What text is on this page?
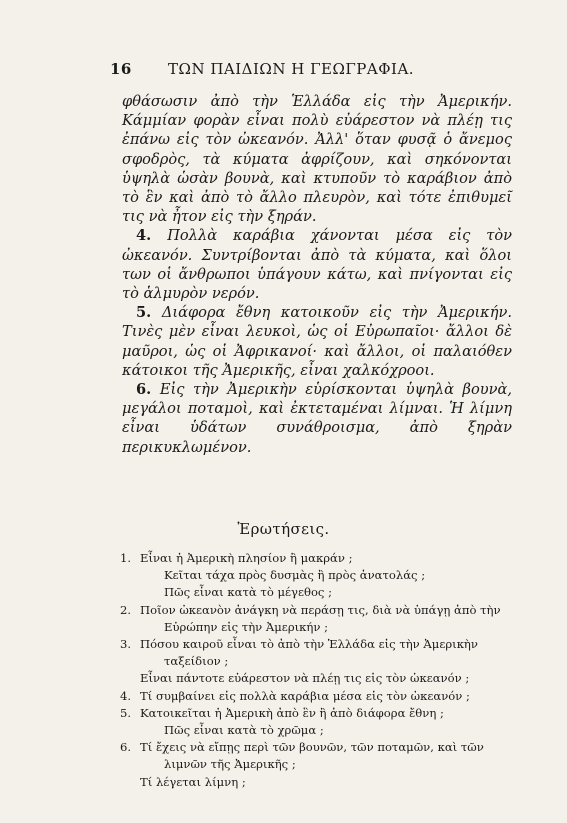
16 ΤΩΝ ΠΑΙΔΙΩΝ Η ΓΕΩΓΡΑΦΙΑ.

φθάσωσιν ἀπὸ τὴν Ἑλλάδα εἰς τὴν Ἀμερικήν. Κάμμίαν φορὰν εἶναι πολὺ εὐάρεστον νὰ πλέῃ τις ἐπάνω εἰς τὸν ὠκεανόν. Ἀλλ' ὅταν φυσᾷ ὁ ἄνεμος σφοδρὸς, τὰ κύματα ἀφρίζουν, καὶ σηκόνονται ὑψηλὰ ὡσὰν βουνὰ, καὶ κτυποῦν τὸ καράβιον ἀπὸ τὸ ἓν καὶ ἀπὸ τὸ ἄλλο πλευρὸν, καὶ τότε ἐπιθυμεῖ τις νὰ ἦτον εἰς τὴν ξηράν.

4. Πολλὰ καράβια χάνονται μέσα εἰς τὸν ὠκεανόν. Συντρίβονται ἀπὸ τὰ κύματα, καὶ ὅλοι των οἱ ἄνθρωποι ὑπάγουν κάτω, καὶ πνίγονται εἰς τὸ ἁλμυρὸν νερόν.

5. Διάφορα ἔθνη κατοικοῦν εἰς τὴν Ἀμερικήν. Τινὲς μὲν εἶναι λευκοὶ, ὡς οἱ Εὐρωπαῖοι· ἄλλοι δὲ μαῦροι, ὡς οἱ Ἀφρικανοί· καὶ ἄλλοι, οἱ παλαιόθεν κάτοικοι τῆς Ἀμερικῆς, εἶναι χαλκόχροοι.

6. Εἰς τὴν Ἀμερικὴν εὑρίσκονται ὑψηλὰ βουνὰ, μεγάλοι ποταμοὶ, καὶ ἐκτεταμέναι λίμναι. Ἡ λίμνη εἶναι ὑδάτων συνάθροισμα, ἀπὸ ξηρὰν περικυκλωμένον.

Ἐρωτήσεις.
1. Εἶναι ἡ Ἀμερικὴ πλησίον ἢ μακράν ;
Κεῖται τάχα πρὸς δυσμὰς ἢ πρὸς ἀνατολάς ;
Πῶς εἶναι κατὰ τὸ μέγεθος ;
2. Ποῖον ὠκεανὸν ἀνάγκη νὰ περάσῃ τις, διὰ νὰ ὑπάγῃ ἀπὸ τὴν
Εὐρώπην εἰς τὴν Ἀμερικήν ;
3. Πόσου καιροῦ εἶναι τὸ ἀπὸ τὴν Ἑλλάδα εἰς τὴν Ἀμερικὴν
ταξείδιον ;
Εἶναι πάντοτε εὐάρεστον νὰ πλέῃ τις εἰς τὸν ὠκεανόν ;
4. Τί συμβαίνει εἰς πολλὰ καράβια μέσα εἰς τὸν ὠκεανόν ;
5. Κατοικεῖται ἡ Ἀμερικὴ ἀπὸ ἓν ἢ ἀπὸ διάφορα ἔθνη ;
Πῶς εἶναι κατὰ τὸ χρῶμα ;
6. Τί ἔχεις νὰ εἴπῃς περὶ τῶν βουνῶν, τῶν ποταμῶν, καὶ τῶν
λιμνῶν τῆς Ἀμερικῆς ;
Τί λέγεται λίμνη ;
